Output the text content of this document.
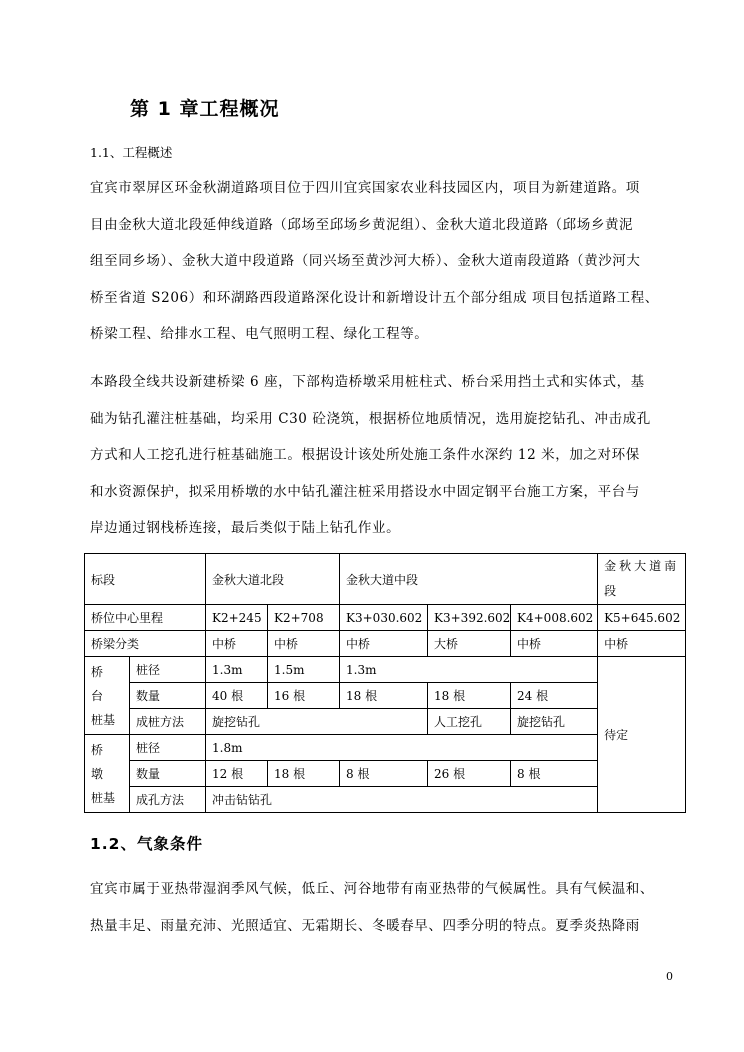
第 1 章工程概况
1.1、工程概述
宜宾市翠屏区环金秋湖道路项目位于四川宜宾国家农业科技园区内，项目为新建道路。项
目由金秋大道北段延伸线道路（邱场至邱场乡黄泥组）、金秋大道北段道路（邱场乡黄泥
组至同乡场）、金秋大道中段道路（同兴场至黄沙河大桥）、金秋大道南段道路（黄沙河大
桥至省道 S206）和环湖路西段道路深化设计和新增设计五个部分组成 项目包括道路工程、
桥梁工程、给排水工程、电气照明工程、绿化工程等。
本路段全线共设新建桥梁 6 座，下部构造桥墩采用桩柱式、桥台采用挡土式和实体式，基
础为钻孔灌注桩基础，均采用 C30 砼浇筑，根据桥位地质情况，选用旋挖钻孔、冲击成孔
方式和人工挖孔进行桩基础施工。根据设计该处所处施工条件水深约 12 米，加之对环保
和水资源保护，拟采用桥墩的水中钻孔灌注桩采用搭设水中固定钢平台施工方案，平台与
岸边通过钢栈桥连接，最后类似于陆上钻孔作业。
标段		金秋大道北段		金秋大道中段			金秋大道南段
桥位中心里程		K2+245	K2+708	K3+030.602	K3+392.602	K4+008.602	K5+645.602
桥梁分类		中桥	中桥	中桥	大桥	中桥	中桥
桥 台
桩基	桩径	1.3m	1.5m	1.3m			待定
	数量	40 根	16 根	18 根	18 根	24 根	
	成桩方法	旋挖钻孔			人工挖孔	旋挖钻孔	
桥 墩
桩基	桩径	1.8m					
	数量	12 根	18 根	8 根	26 根	8 根	
	成孔方法	冲击钻钻孔					
1.2、气象条件
宜宾市属于亚热带湿润季风气候，低丘、河谷地带有南亚热带的气候属性。具有气候温和、
热量丰足、雨量充沛、光照适宜、无霜期长、冬暖春早、四季分明的特点。夏季炎热降雨
0
